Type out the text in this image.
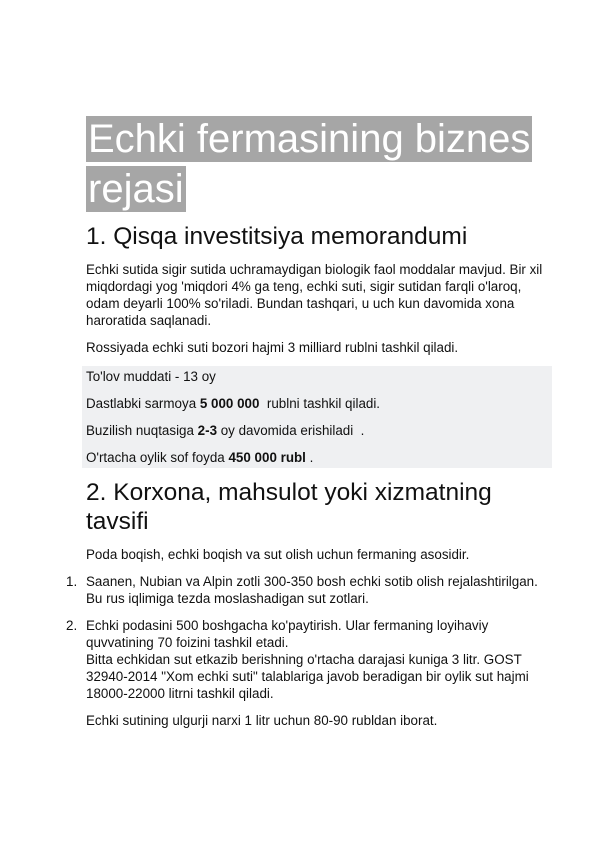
Echki fermasining biznes
rejasi
1. Qisqa investitsiya memorandumi

Echki sutida sigir sutida uchramaydigan biologik faol moddalar mavjud. Bir xil miqdordagi yog 'miqdori 4% ga teng, echki suti, sigir sutidan farqli o'laroq, odam deyarli 100% so'riladi. Bundan tashqari, u uch kun davomida xona haroratida saqlanadi.

Rossiyada echki suti bozori hajmi 3 milliard rublni tashkil qiladi.

To'lov muddati - 13 oy

Dastlabki sarmoya 5 000 000  rublni tashkil qiladi.

Buzilish nuqtasiga 2-3 oy davomida erishiladi  .

O'rtacha oylik sof foyda 450 000 rubl .

2. Korxona, mahsulot yoki xizmatning tavsifi

Poda boqish, echki boqish va sut olish uchun fermaning asosidir.

1. Saanen, Nubian va Alpin zotli 300-350 bosh echki sotib olish rejalashtirilgan. Bu rus iqlimiga tezda moslashadigan sut zotlari.
2. Echki podasini 500 boshgacha ko'paytirish. Ular fermaning loyihaviy quvvatining 70 foizini tashkil etadi.
Bitta echkidan sut etkazib berishning o'rtacha darajasi kuniga 3 litr. GOST 32940-2014 "Xom echki suti" talablariga javob beradigan bir oylik sut hajmi 18000-22000 litrni tashkil qiladi.

Echki sutining ulgurji narxi 1 litr uchun 80-90 rubldan iborat.
